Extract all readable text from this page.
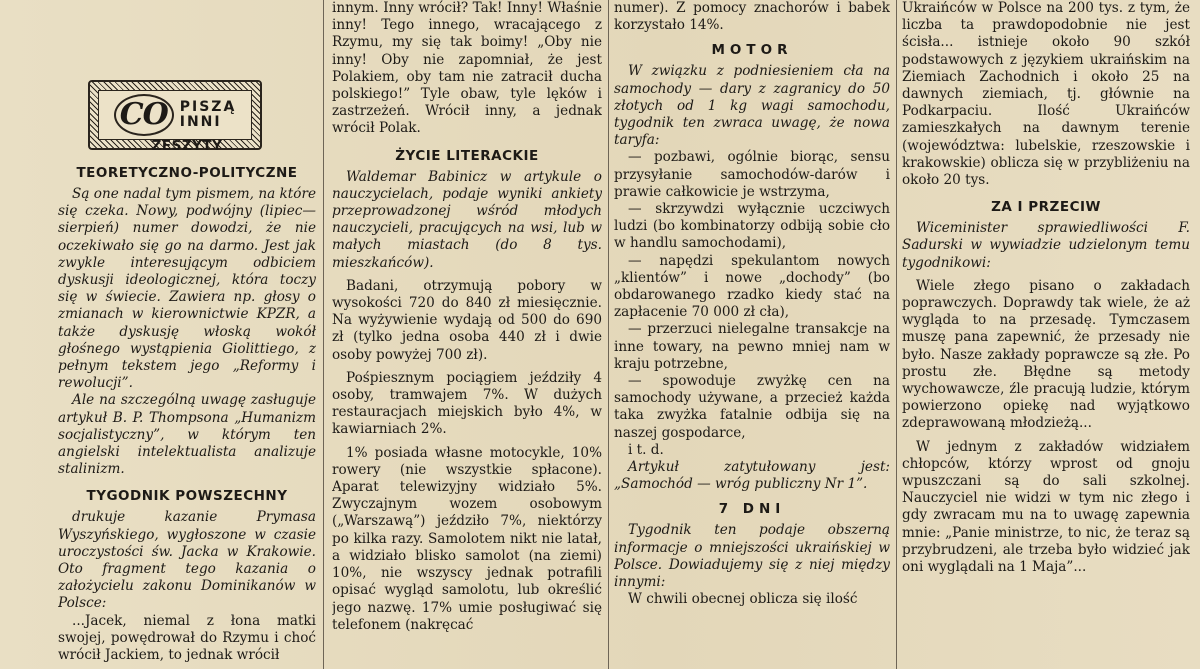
CO PISZĄ
INNI
ZESZYTY
TEORETYCZNO-POLITYCZNE

Są one nadal tym pismem, na które się czeka. Nowy, podwójny (lipiec—sierpień) numer dowodzi, że nie oczekiwało się go na darmo. Jest jak zwykle interesującym odbiciem dyskusji ideologicznej, która toczy się w świecie. Zawiera np. głosy o zmianach w kierownictwie KPZR, a także dyskusję włoską wokół głośnego wystąpienia Giolittiego, z pełnym tekstem jego „Reformy i rewolucji”.

Ale na szczególną uwagę zasługuje artykuł B. P. Thompsona „Humanizm socjalistyczny”, w którym ten angielski intelektualista analizuje stalinizm.

TYGODNIK POWSZECHNY

drukuje kazanie Prymasa Wyszyńskiego, wygłoszone w czasie uroczystości św. Jacka w Krakowie. Oto fragment tego kazania o założycielu zakonu Dominikanów w Polsce:

...Jacek, niemal z łona matki swojej, powędrował do Rzymu i choć wrócił Jackiem, to jednak wrócił

innym. Inny wrócił? Tak! Inny! Właśnie inny! Tego innego, wracającego z Rzymu, my się tak boimy! „Oby nie inny! Oby nie zapomniał, że jest Polakiem, oby tam nie zatracił ducha polskiego!” Tyle obaw, tyle lęków i zastrzeżeń. Wrócił inny, a jednak wrócił Polak.

ŻYCIE LITERACKIE

Waldemar Babinicz w artykule o nauczycielach, podaje wyniki ankiety przeprowadzonej wśród młodych nauczycieli, pracujących na wsi, lub w małych miastach (do 8 tys. mieszkańców).

Badani, otrzymują pobory w wysokości 720 do 840 zł miesięcznie. Na wyżywienie wydają od 500 do 690 zł (tylko jedna osoba 440 zł i dwie osoby powyżej 700 zł).

Pośpiesznym pociągiem jeździły 4 osoby, tramwajem 7%. W dużych restauracjach miejskich było 4%, w kawiarniach 2%.

1% posiada własne motocykle, 10% rowery (nie wszystkie spłacone). Aparat telewizyjny widziało 5%. Zwyczajnym wozem osobowym („Warszawą”) jeździło 7%, niektórzy po kilka razy. Samolotem nikt nie latał, a widziało blisko samolot (na ziemi) 10%, nie wszyscy jednak potrafili opisać wygląd samolotu, lub określić jego nazwę. 17% umie posługiwać się telefonem (nakręcać

numer). Z pomocy znachorów i babek korzystało 14%.

MOTOR

W związku z podniesieniem cła na samochody — dary z zagranicy do 50 złotych od 1 kg wagi samochodu, tygodnik ten zwraca uwagę, że nowa taryfa:

— pozbawi, ogólnie biorąc, sensu przysyłanie samochodów-darów i prawie całkowicie je wstrzyma,

— skrzywdzi wyłącznie uczciwych ludzi (bo kombinatorzy odbiją sobie cło w handlu samochodami),

— napędzi spekulantom nowych „klientów” i nowe „dochody” (bo obdarowanego rzadko kiedy stać na zapłacenie 70 000 zł cła),

— przerzuci nielegalne transakcje na inne towary, na pewno mniej nam w kraju potrzebne,

— spowoduje zwyżkę cen na samochody używane, a przecież każda taka zwyżka fatalnie odbija się na naszej gospodarce,

i t. d.

Artykuł zatytułowany jest: „Samochód — wróg publiczny Nr 1”.

7 DNI

Tygodnik ten podaje obszerną informacje o mniejszości ukraińskiej w Polsce. Dowiadujemy się z niej między innymi:

W chwili obecnej oblicza się ilość

Ukraińców w Polsce na 200 tys. z tym, że liczba ta prawdopodobnie nie jest ścisła... istnieje około 90 szkół podstawowych z językiem ukraińskim na Ziemiach Zachodnich i około 25 na dawnych ziemiach, tj. głównie na Podkarpaciu. Ilość Ukraińców zamieszkałych na dawnym terenie (województwa: lubelskie, rzeszowskie i krakowskie) oblicza się w przybliżeniu na około 20 tys.

ZA I PRZECIW

Wiceminister sprawiedliwości F. Sadurski w wywiadzie udzielonym temu tygodnikowi:

Wiele złego pisano o zakładach poprawczych. Doprawdy tak wiele, że aż wygląda to na przesadę. Tymczasem muszę pana zapewnić, że przesady nie było. Nasze zakłady poprawcze są złe. Po prostu złe. Błędne są metody wychowawcze, źle pracują ludzie, którym powierzono opiekę nad wyjątkowo zdeprawowaną młodzieżą...

W jednym z zakładów widziałem chłopców, którzy wprost od gnoju wpuszczani są do sali szkolnej. Nauczyciel nie widzi w tym nic złego i gdy zwracam mu na to uwagę zapewnia mnie: „Panie ministrze, to nic, że teraz są przybrudzeni, ale trzeba było widzieć jak oni wyglądali na 1 Maja”...
